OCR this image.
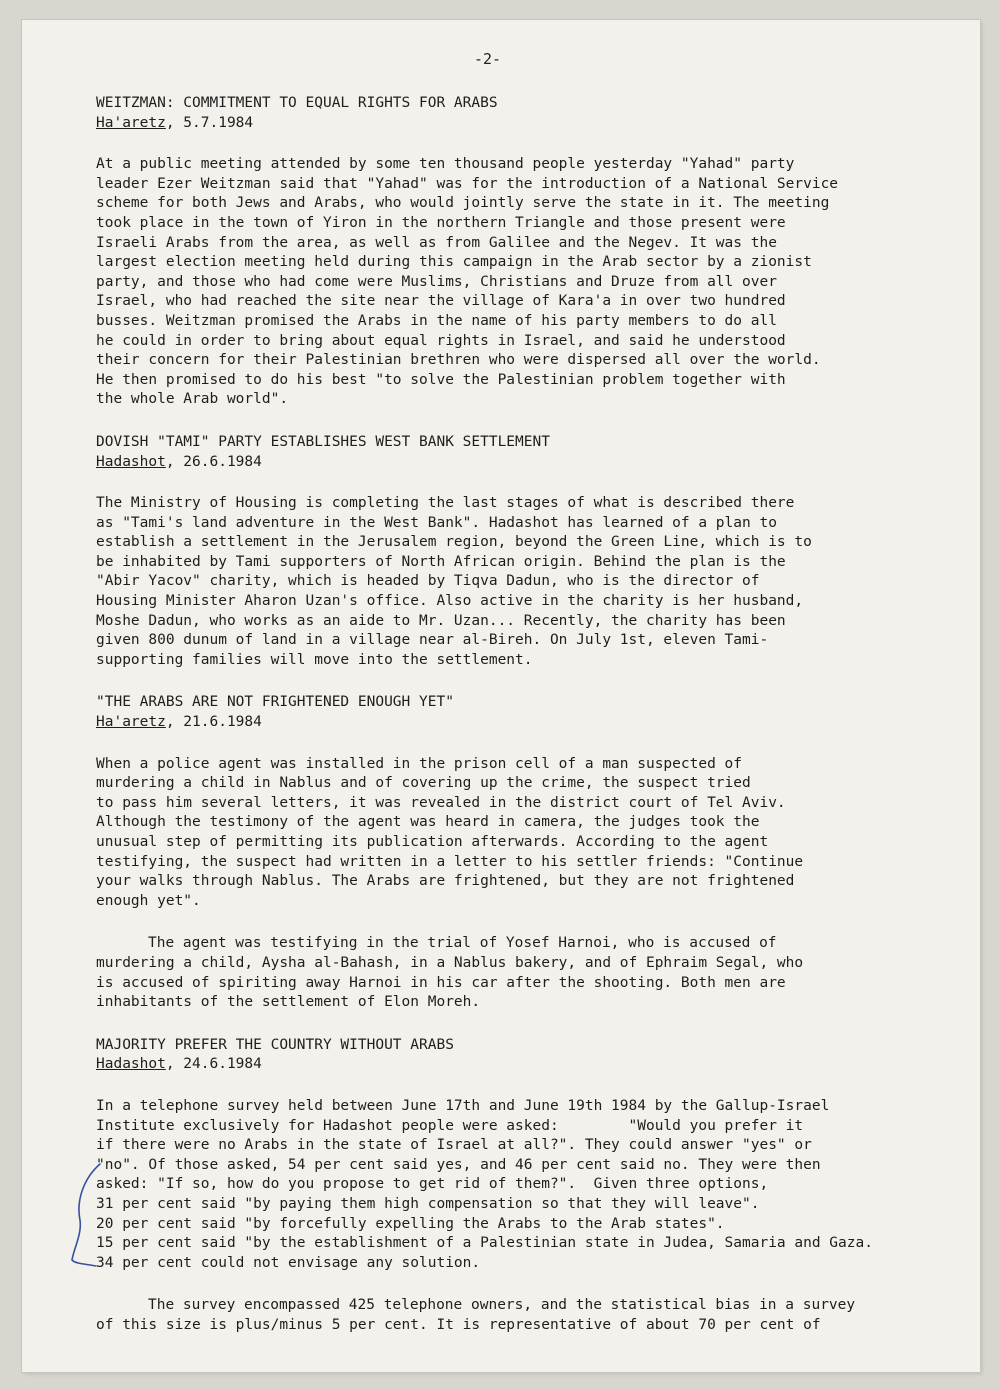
-2-
WEITZMAN: COMMITMENT TO EQUAL RIGHTS FOR ARABS
Ha'aretz, 5.7.1984

At a public meeting attended by some ten thousand people yesterday "Yahad" party
leader Ezer Weitzman said that "Yahad" was for the introduction of a National Service
scheme for both Jews and Arabs, who would jointly serve the state in it. The meeting
took place in the town of Yiron in the northern Triangle and those present were
Israeli Arabs from the area, as well as from Galilee and the Negev. It was the
largest election meeting held during this campaign in the Arab sector by a zionist
party, and those who had come were Muslims, Christians and Druze from all over
Israel, who had reached the site near the village of Kara'a in over two hundred
busses. Weitzman promised the Arabs in the name of his party members to do all
he could in order to bring about equal rights in Israel, and said he understood
their concern for their Palestinian brethren who were dispersed all over the world.
He then promised to do his best "to solve the Palestinian problem together with
the whole Arab world".

DOVISH "TAMI" PARTY ESTABLISHES WEST BANK SETTLEMENT
Hadashot, 26.6.1984

The Ministry of Housing is completing the last stages of what is described there
as "Tami's land adventure in the West Bank". Hadashot has learned of a plan to
establish a settlement in the Jerusalem region, beyond the Green Line, which is to
be inhabited by Tami supporters of North African origin. Behind the plan is the
"Abir Yacov" charity, which is headed by Tiqva Dadun, who is the director of
Housing Minister Aharon Uzan's office. Also active in the charity is her husband,
Moshe Dadun, who works as an aide to Mr. Uzan... Recently, the charity has been
given 800 dunum of land in a village near al-Bireh. On July 1st, eleven Tami-
supporting families will move into the settlement.

"THE ARABS ARE NOT FRIGHTENED ENOUGH YET"
Ha'aretz, 21.6.1984

When a police agent was installed in the prison cell of a man suspected of
murdering a child in Nablus and of covering up the crime, the suspect tried
to pass him several letters, it was revealed in the district court of Tel Aviv.
Although the testimony of the agent was heard in camera, the judges took the
unusual step of permitting its publication afterwards. According to the agent
testifying, the suspect had written in a letter to his settler friends: "Continue
your walks through Nablus. The Arabs are frightened, but they are not frightened
enough yet".

The agent was testifying in the trial of Yosef Harnoi, who is accused of
murdering a child, Aysha al-Bahash, in a Nablus bakery, and of Ephraim Segal, who
is accused of spiriting away Harnoi in his car after the shooting. Both men are
inhabitants of the settlement of Elon Moreh.

MAJORITY PREFER THE COUNTRY WITHOUT ARABS
Hadashot, 24.6.1984

In a telephone survey held between June 17th and June 19th 1984 by the Gallup-Israel
Institute exclusively for Hadashot people were asked:        "Would you prefer it
if there were no Arabs in the state of Israel at all?". They could answer "yes" or
"no". Of those asked, 54 per cent said yes, and 46 per cent said no. They were then
asked: "If so, how do you propose to get rid of them?".  Given three options,
31 per cent said "by paying them high compensation so that they will leave".
20 per cent said "by forcefully expelling the Arabs to the Arab states".
15 per cent said "by the establishment of a Palestinian state in Judea, Samaria and Gaza.
34 per cent could not envisage any solution.

The survey encompassed 425 telephone owners, and the statistical bias in a survey
of this size is plus/minus 5 per cent. It is representative of about 70 per cent of
